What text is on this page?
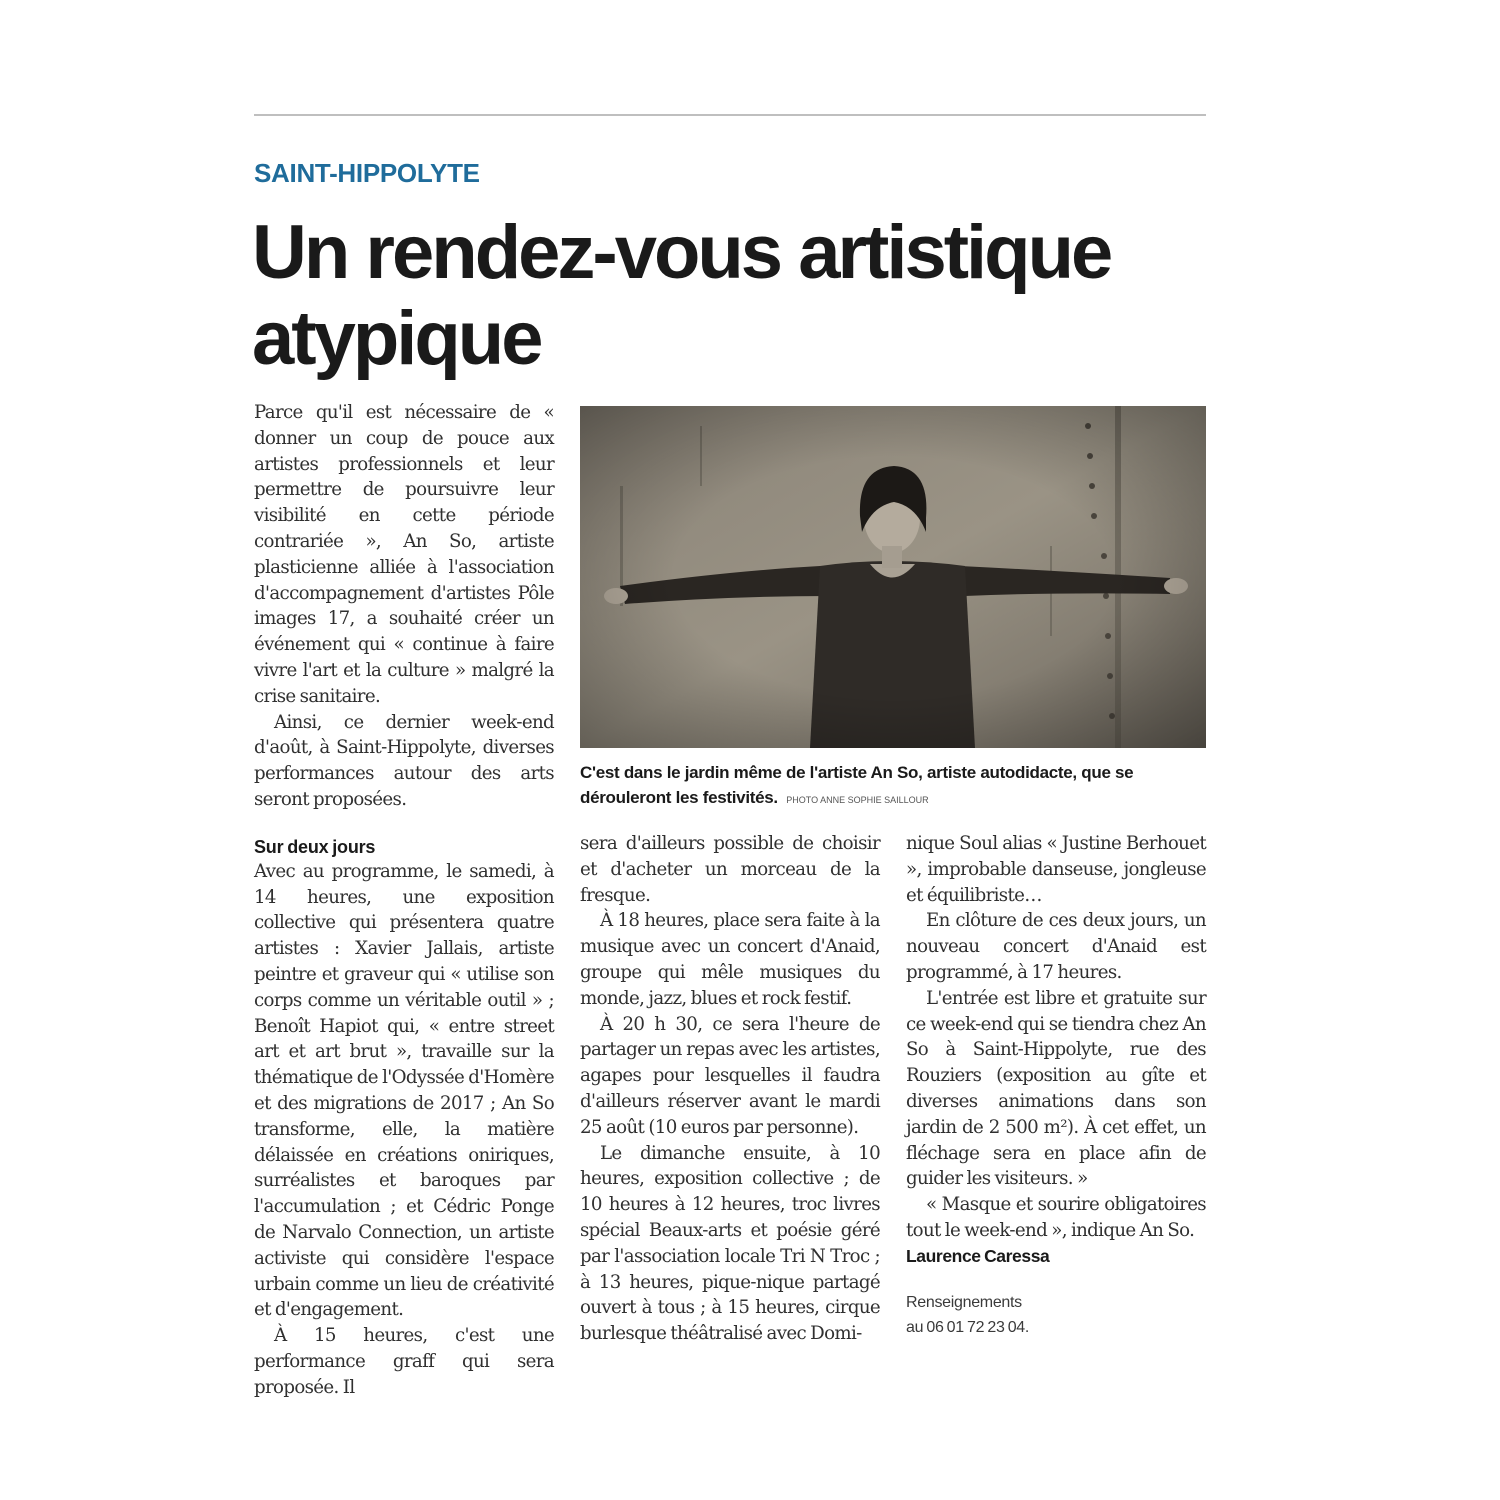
SAINT-HIPPOLYTE
Un rendez-vous artistique atypique

Parce qu'il est nécessaire de « donner un coup de pouce aux artistes professionnels et leur permettre de poursuivre leur visibilité en cette période contrariée », An So, artiste plasticienne alliée à l'association d'accompagnement d'artistes Pôle images 17, a souhaité créer un événement qui « continue à faire vivre l'art et la culture » malgré la crise sanitaire.

Ainsi, ce dernier week-end d'août, à Saint-Hippolyte, diverses performances autour des arts seront proposées.

Sur deux jours

Avec au programme, le samedi, à 14 heures, une exposition collective qui présentera quatre artistes : Xavier Jallais, artiste peintre et graveur qui « utilise son corps comme un véritable outil » ; Benoît Hapiot qui, « entre street art et art brut », travaille sur la thématique de l'Odyssée d'Homère et des migrations de 2017 ; An So transforme, elle, la matière délaissée en créations oniriques, surréalistes et baroques par l'accumulation ; et Cédric Ponge de Narvalo Connection, un artiste activiste qui considère l'espace urbain comme un lieu de créativité et d'engagement.

À 15 heures, c'est une performance graff qui sera proposée. Il

C'est dans le jardin même de l'artiste An So, artiste autodidacte, que se dérouleront les festivités. PHOTO ANNE SOPHIE SAILLOUR

sera d'ailleurs possible de choisir et d'acheter un morceau de la fresque.

À 18 heures, place sera faite à la musique avec un concert d'Anaid, groupe qui mêle musiques du monde, jazz, blues et rock festif.

À 20 h 30, ce sera l'heure de partager un repas avec les artistes, agapes pour lesquelles il faudra d'ailleurs réserver avant le mardi 25 août (10 euros par personne).

Le dimanche ensuite, à 10 heures, exposition collective ; de 10 heures à 12 heures, troc livres spécial Beaux-arts et poésie géré par l'association locale Tri N Troc ; à 13 heures, pique-nique partagé ouvert à tous ; à 15 heures, cirque burlesque théâtralisé avec Domi-

nique Soul alias « Justine Berhouet », improbable danseuse, jongleuse et équilibriste…

En clôture de ces deux jours, un nouveau concert d'Anaid est programmé, à 17 heures.

L'entrée est libre et gratuite sur ce week-end qui se tiendra chez An So à Saint-Hippolyte, rue des Rouziers (exposition au gîte et diverses animations dans son jardin de 2 500 m²). À cet effet, un fléchage sera en place afin de guider les visiteurs. »

« Masque et sourire obligatoires tout le week-end », indique An So.

Laurence Caressa

Renseignements
au 06 01 72 23 04.
